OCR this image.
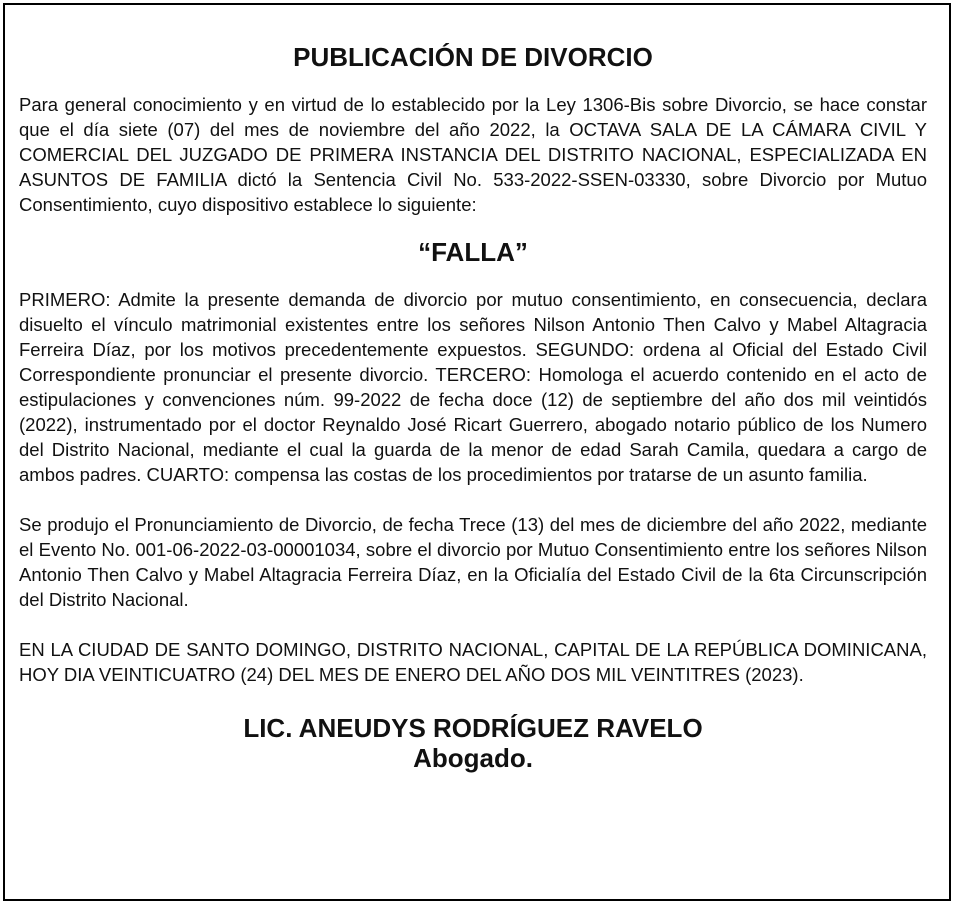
PUBLICACIÓN DE DIVORCIO

Para general conocimiento y en virtud de lo establecido por la Ley 1306-Bis sobre Divorcio, se hace constar que el día siete (07) del mes de noviembre del año 2022, la OCTAVA SALA DE LA CÁMARA CIVIL Y COMERCIAL DEL JUZGADO DE PRIMERA INSTANCIA DEL DISTRITO NACIONAL, ESPECIALIZADA EN ASUNTOS DE FAMILIA dictó la Sentencia Civil No. 533-2022-SSEN-03330, sobre Divorcio por Mutuo Consentimiento, cuyo dispositivo establece lo siguiente:

“FALLA”

PRIMERO: Admite la presente demanda de divorcio por mutuo consentimiento, en consecuencia, declara disuelto el vínculo matrimonial existentes entre los señores Nilson Antonio Then Calvo y Mabel Altagracia Ferreira Díaz, por los motivos precedentemente expuestos. SEGUNDO: ordena al Oficial del Estado Civil Correspondiente pronunciar el presente divorcio. TERCERO: Homologa el acuerdo contenido en el acto de estipulaciones y convenciones núm. 99-2022 de fecha doce (12) de septiembre del año dos mil veintidós (2022), instrumentado por el doctor Reynaldo José Ricart Guerrero, abogado notario público de los Numero del Distrito Nacional, mediante el cual la guarda de la menor de edad Sarah Camila, quedara a cargo de ambos padres. CUARTO: compensa las costas de los procedimientos por tratarse de un asunto familia.

Se produjo el Pronunciamiento de Divorcio, de fecha Trece (13) del mes de diciembre del año 2022, mediante el Evento No. 001-06-2022-03-00001034, sobre el divorcio por Mutuo Consentimiento entre los señores Nilson Antonio Then Calvo y Mabel Altagracia Ferreira Díaz, en la Oficialía del Estado Civil de la 6ta Circunscripción del Distrito Nacional.

EN LA CIUDAD DE SANTO DOMINGO, DISTRITO NACIONAL, CAPITAL DE LA REPÚBLICA DOMINICANA, HOY DIA VEINTICUATRO (24) DEL MES DE ENERO DEL AÑO DOS MIL VEINTITRES (2023).

LIC. ANEUDYS RODRÍGUEZ RAVELO
Abogado.
